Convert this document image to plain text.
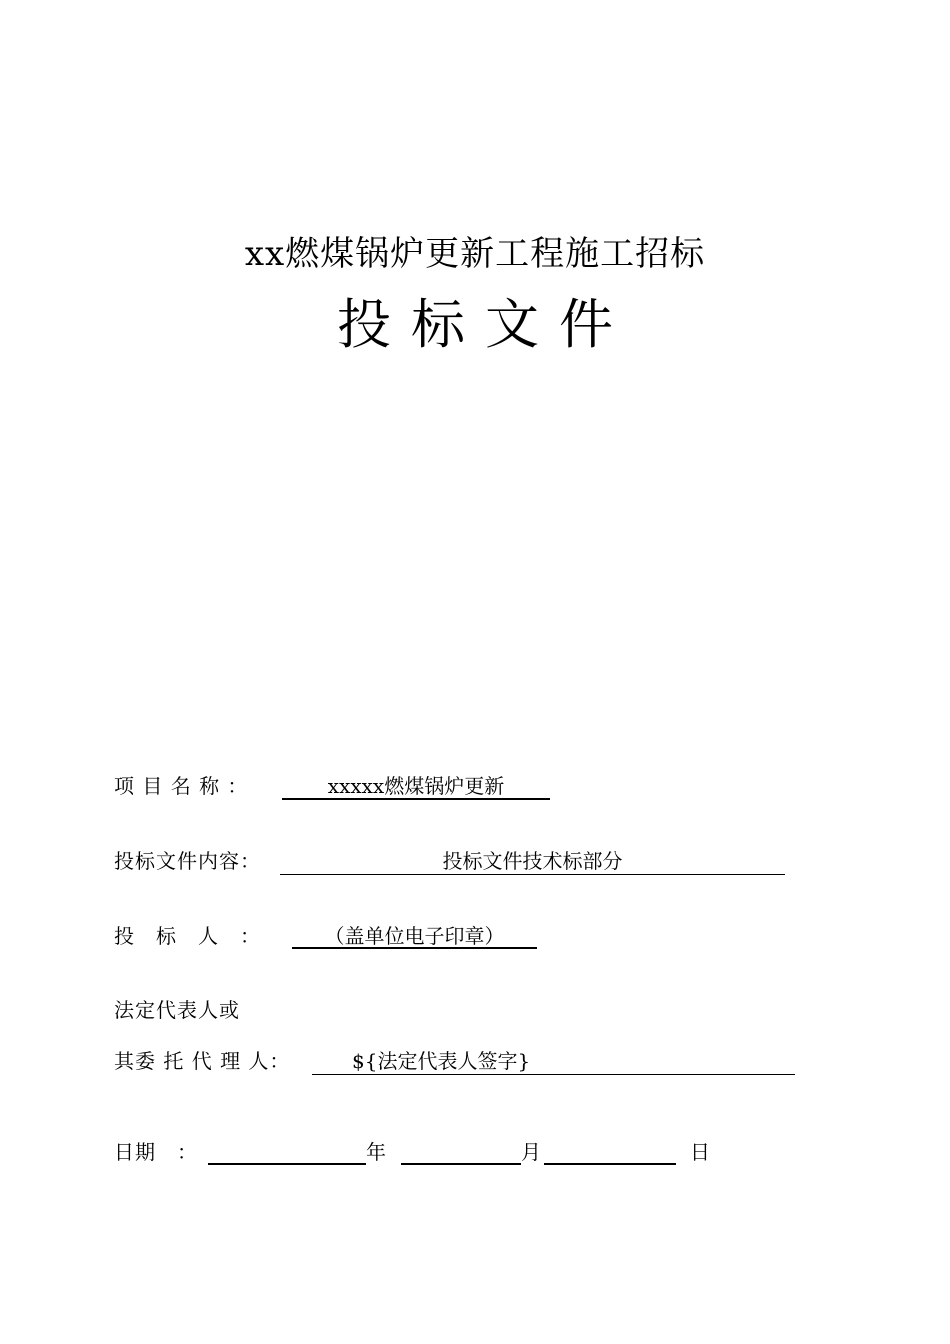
xx燃煤锅炉更新工程施工招标
投标文件
项 目 名 称 ：	xxxxx燃煤锅炉更新
投标文件内容：	投标文件技术标部分
投　标　人　：	（盖单位电子印章）
法定代表人或
其委 托 代 理 人：	${法定代表人签字}
日期　：	年	月	日
